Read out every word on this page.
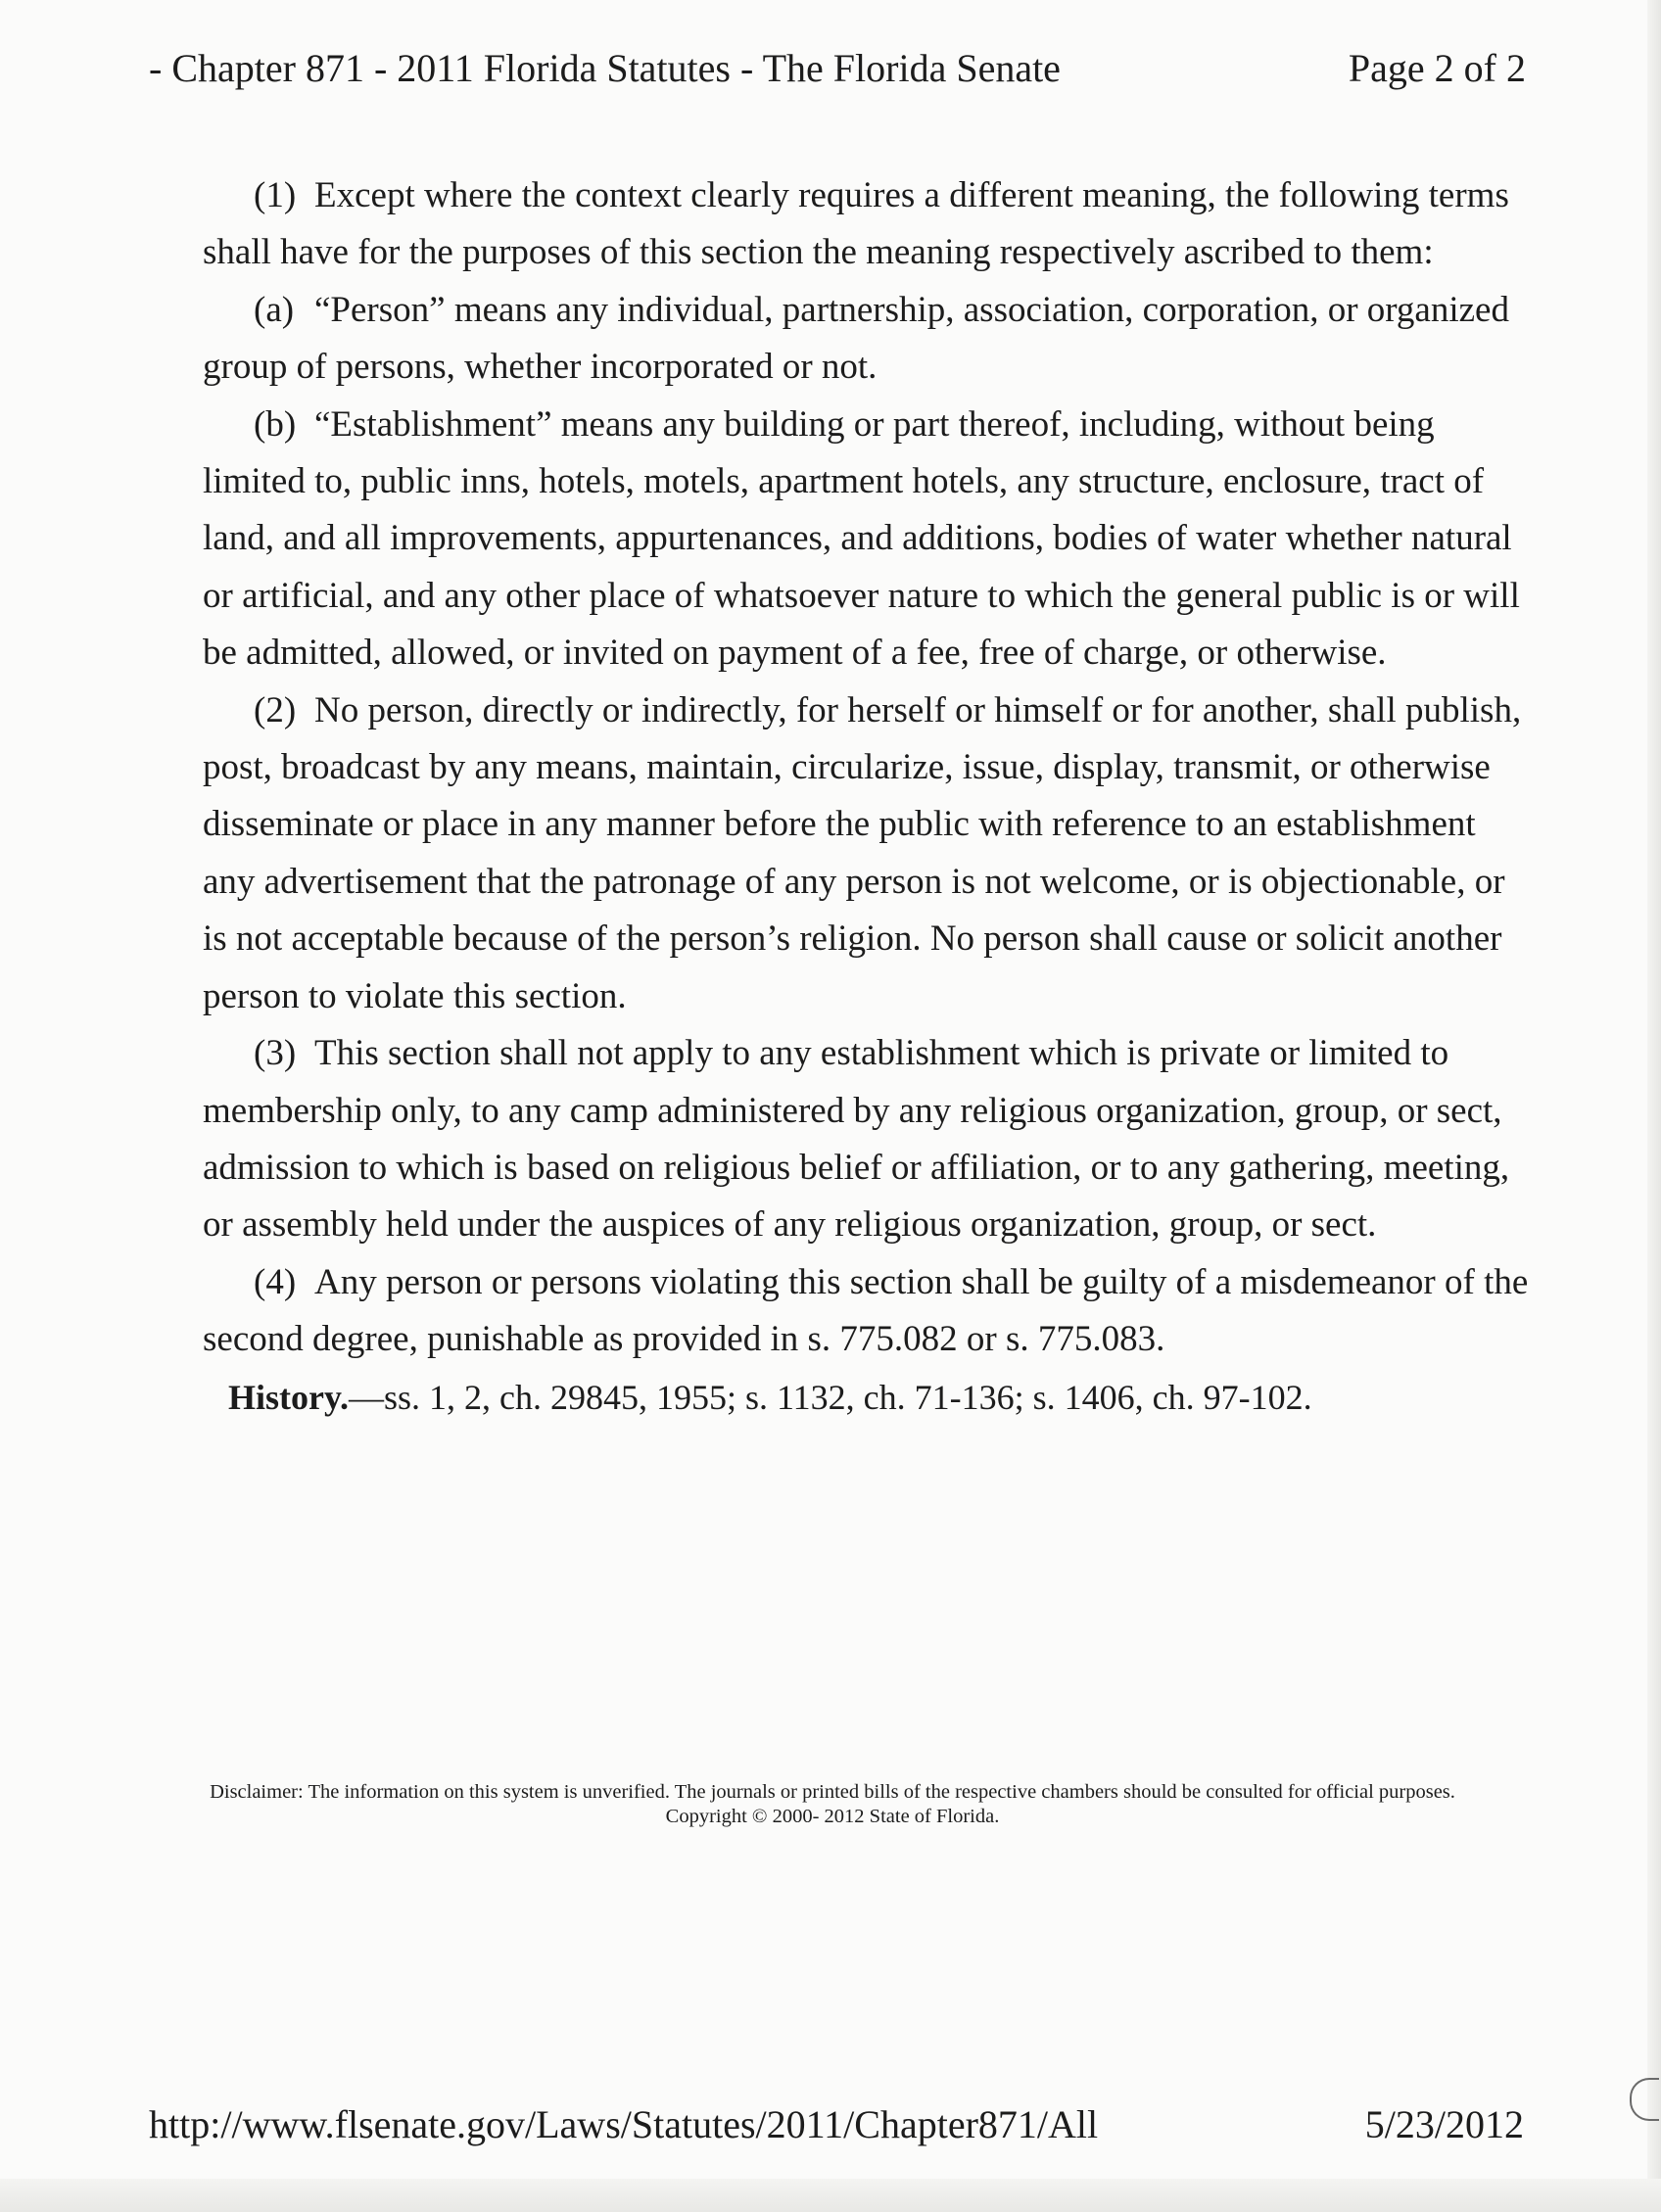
- Chapter 871 - 2011 Florida Statutes - The Florida Senate	Page 2 of 2

(1) Except where the context clearly requires a different meaning, the following terms shall have for the purposes of this section the meaning respectively ascribed to them:

(a) “Person” means any individual, partnership, association, corporation, or organized group of persons, whether incorporated or not.

(b) “Establishment” means any building or part thereof, including, without being limited to, public inns, hotels, motels, apartment hotels, any structure, enclosure, tract of land, and all improvements, appurtenances, and additions, bodies of water whether natural or artificial, and any other place of whatsoever nature to which the general public is or will be admitted, allowed, or invited on payment of a fee, free of charge, or otherwise.

(2) No person, directly or indirectly, for herself or himself or for another, shall publish, post, broadcast by any means, maintain, circularize, issue, display, transmit, or otherwise disseminate or place in any manner before the public with reference to an establishment any advertisement that the patronage of any person is not welcome, or is objectionable, or is not acceptable because of the person’s religion. No person shall cause or solicit another person to violate this section.

(3) This section shall not apply to any establishment which is private or limited to membership only, to any camp administered by any religious organization, group, or sect, admission to which is based on religious belief or affiliation, or to any gathering, meeting, or assembly held under the auspices of any religious organization, group, or sect.

(4) Any person or persons violating this section shall be guilty of a misdemeanor of the second degree, punishable as provided in s. 775.082 or s. 775.083.

History.—ss. 1, 2, ch. 29845, 1955; s. 1132, ch. 71-136; s. 1406, ch. 97-102.

Disclaimer: The information on this system is unverified. The journals or printed bills of the respective chambers should be consulted for official purposes.
Copyright © 2000- 2012 State of Florida.
http://www.flsenate.gov/Laws/Statutes/2011/Chapter871/All	5/23/2012
